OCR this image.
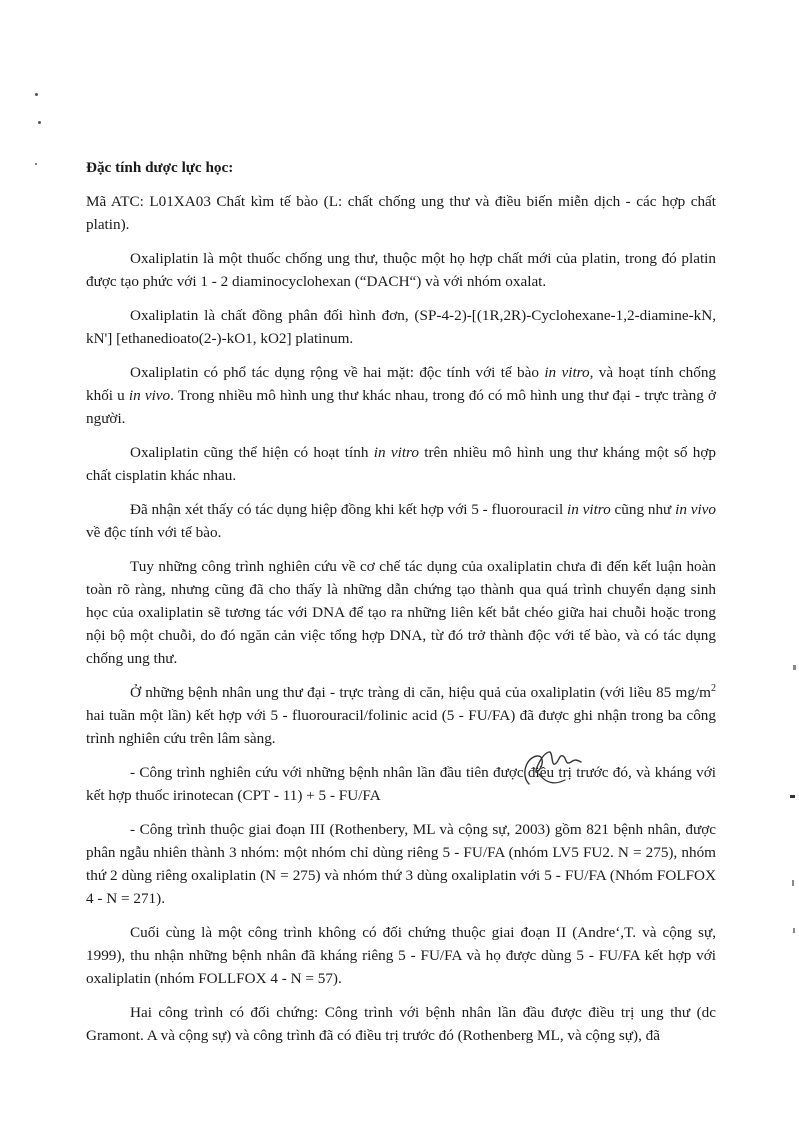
Đặc tính dược lực học:

Mã ATC: L01XA03 Chất kìm tế bào (L: chất chống ung thư và điều biến miễn dịch - các hợp chất platin).

Oxaliplatin là một thuốc chống ung thư, thuộc một họ hợp chất mới của platin, trong đó platin được tạo phức với 1 - 2 diaminocyclohexan (“DACH“) và với nhóm oxalat.

Oxaliplatin là chất đồng phân đối hình đơn, (SP-4-2)-[(1R,2R)-Cyclohexane-1,2-diamine-kN, kN'] [ethanedioato(2-)-kO1, kO2] platinum.

Oxaliplatin có phổ tác dụng rộng về hai mặt: độc tính với tế bào in vitro, và hoạt tính chống khối u in vivo. Trong nhiều mô hình ung thư khác nhau, trong đó có mô hình ung thư đại - trực tràng ở người.

Oxaliplatin cũng thể hiện có hoạt tính in vitro trên nhiều mô hình ung thư kháng một số hợp chất cisplatin khác nhau.

Đã nhận xét thấy có tác dụng hiệp đồng khi kết hợp với 5 - fluorouracil in vitro cũng như in vivo về độc tính với tế bào.

Tuy những công trình nghiên cứu về cơ chế tác dụng của oxaliplatin chưa đi đến kết luận hoàn toàn rõ ràng, nhưng cũng đã cho thấy là những dẫn chứng tạo thành qua quá trình chuyển dạng sinh học của oxaliplatin sẽ tương tác với DNA để tạo ra những liên kết bắt chéo giữa hai chuỗi hoặc trong nội bộ một chuỗi, do đó ngăn cản việc tổng hợp DNA, từ đó trở thành độc với tế bào, và có tác dụng chống ung thư.

Ở những bệnh nhân ung thư đại - trực tràng di căn, hiệu quả của oxaliplatin (với liều 85 $mg/m^2$ hai tuần một lần) kết hợp với 5 - fluorouracil/folinic acid (5 - FU/FA) đã được ghi nhận trong ba công trình nghiên cứu trên lâm sàng.

- Công trình nghiên cứu với những bệnh nhân lần đầu tiên được điều trị trước đó, và kháng với kết hợp thuốc irinotecan (CPT - 11) + 5 - FU/FA

- Công trình thuộc giai đoạn III (Rothenbery, ML và cộng sự, 2003) gồm 821 bệnh nhân, được phân ngẫu nhiên thành 3 nhóm: một nhóm chỉ dùng riêng 5 - FU/FA (nhóm LV5 FU2. N = 275), nhóm thứ 2 dùng riêng oxaliplatin (N = 275) và nhóm thứ 3 dùng oxaliplatin với 5 - FU/FA (Nhóm FOLFOX 4 - N = 271).

Cuối cùng là một công trình không có đối chứng thuộc giai đoạn II (Andre‘,T. và cộng sự, 1999), thu nhận những bệnh nhân đã kháng riêng 5 - FU/FA và họ được dùng 5 - FU/FA kết hợp với oxaliplatin (nhóm FOLLFOX 4 - N = 57).

Hai công trình có đối chứng: Công trình với bệnh nhân lần đầu được điều trị ung thư (dc Gramont. A và cộng sự) và công trình đã có điều trị trước đó (Rothenberg ML, và cộng sự), đã
